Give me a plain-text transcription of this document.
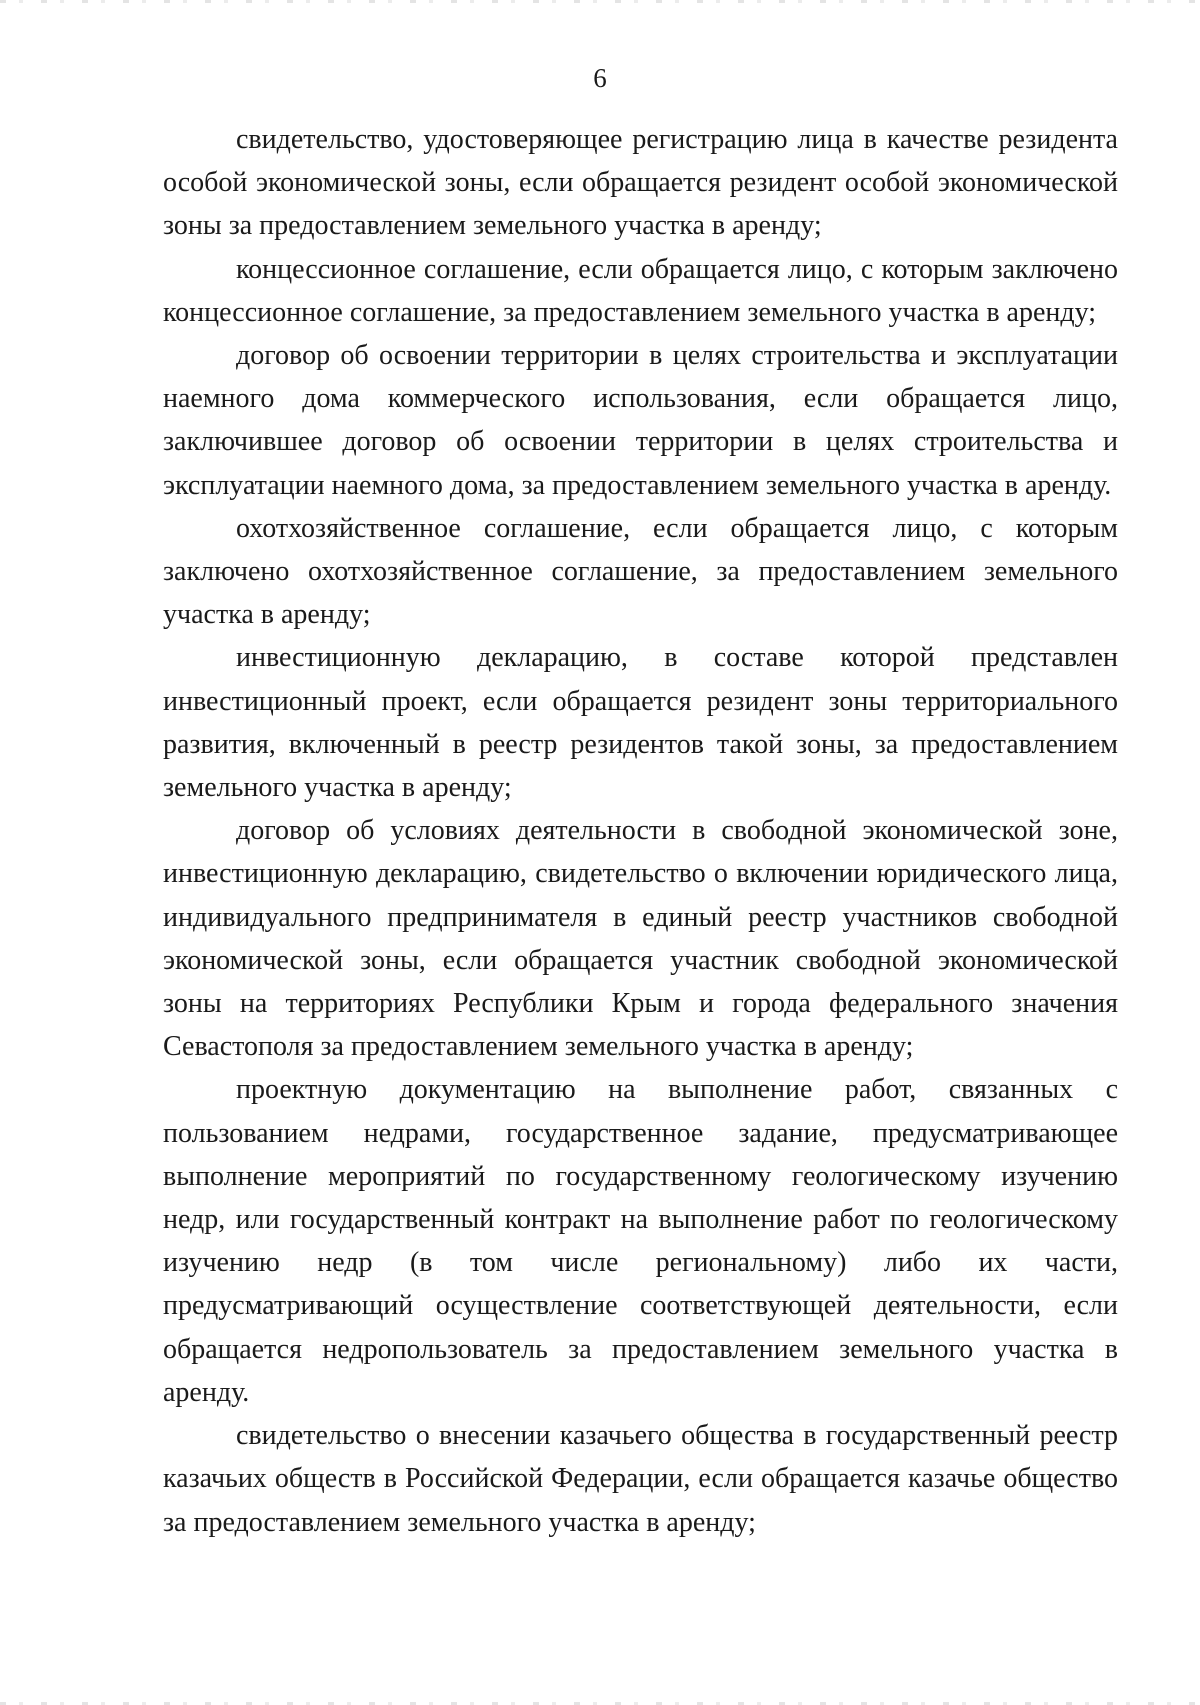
6

свидетельство, удостоверяющее регистрацию лица в качестве резидента особой экономической зоны, если обращается резидент особой экономической зоны за предоставлением земельного участка в аренду;

концессионное соглашение, если обращается лицо, с которым заключено концессионное соглашение, за предоставлением земельного участка в аренду;

договор об освоении территории в целях строительства и эксплуатации наемного дома коммерческого использования, если обращается лицо, заключившее договор об освоении территории в целях строительства и эксплуатации наемного дома, за предоставлением земельного участка в аренду.

охотхозяйственное соглашение, если обращается лицо, с которым заключено охотхозяйственное соглашение, за предоставлением земельного участка в аренду;

инвестиционную декларацию, в составе которой представлен инвестиционный проект, если обращается резидент зоны территориального развития, включенный в реестр резидентов такой зоны, за предоставлением земельного участка в аренду;

договор об условиях деятельности в свободной экономической зоне, инвестиционную декларацию, свидетельство о включении юридического лица, индивидуального предпринимателя в единый реестр участников свободной экономической зоны, если обращается участник свободной экономической зоны на территориях Республики Крым и города федерального значения Севастополя за предоставлением земельного участка в аренду;

проектную документацию на выполнение работ, связанных с пользованием недрами, государственное задание, предусматривающее выполнение мероприятий по государственному геологическому изучению недр, или государственный контракт на выполнение работ по геологическому изучению недр (в том числе региональному) либо их части, предусматривающий осуществление соответствующей деятельности, если обращается недропользователь за предоставлением земельного участка в аренду.

свидетельство о внесении казачьего общества в государственный реестр казачьих обществ в Российской Федерации, если обращается казачье общество за предоставлением земельного участка в аренду;
